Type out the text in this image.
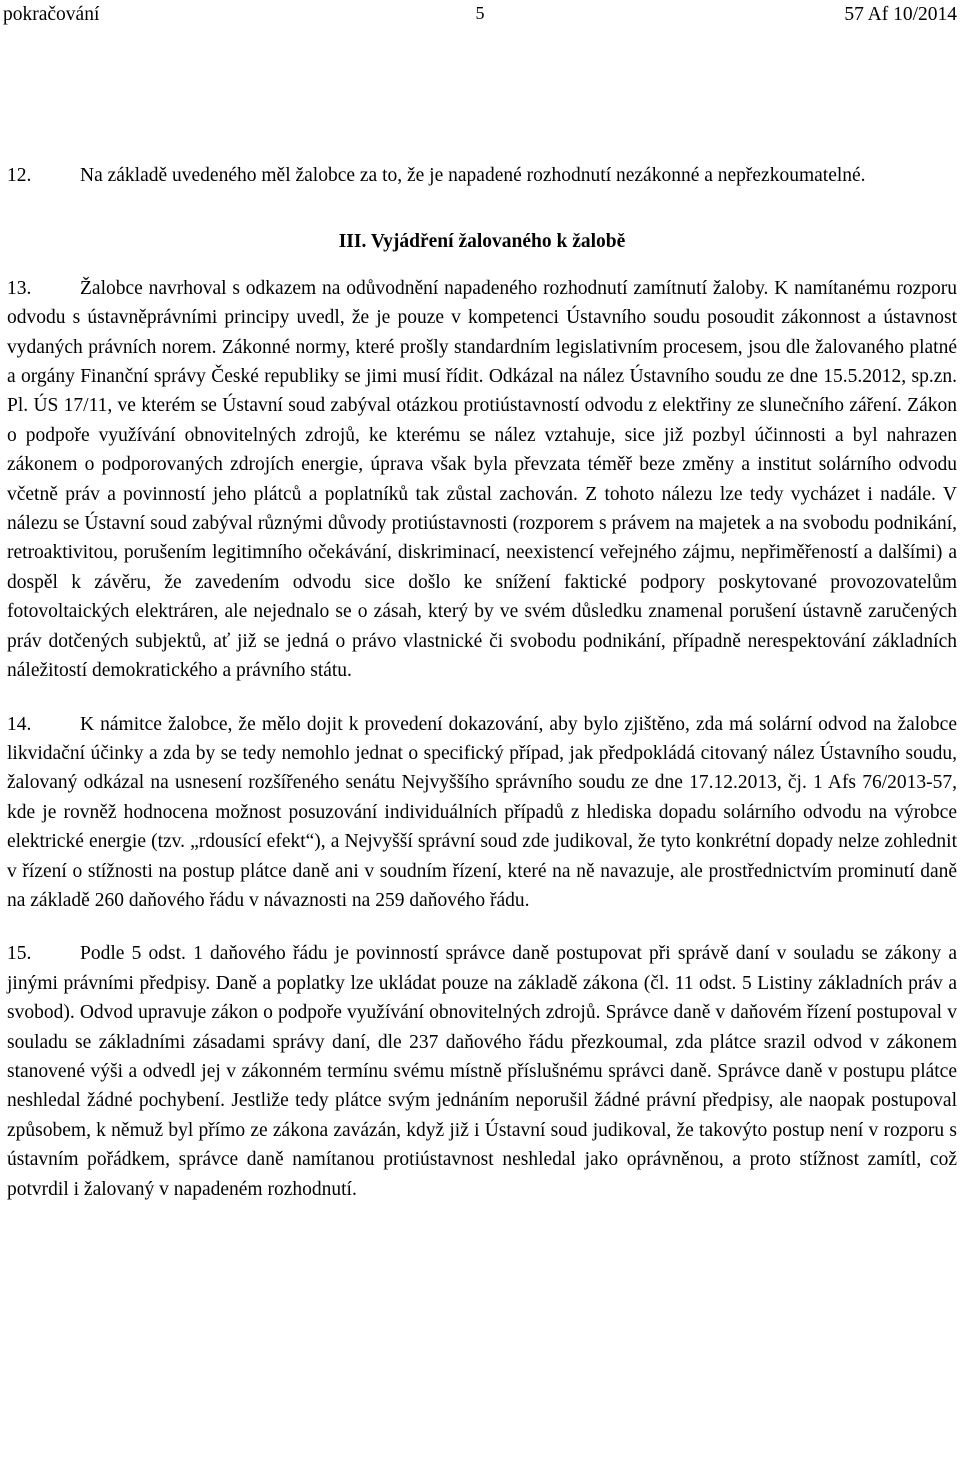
pokračování	5	57 Af 10/2014

12. Na základě uvedeného měl žalobce za to, že je napadené rozhodnutí nezákonné a nepřezkoumatelné.

III. Vyjádření žalovaného k žalobě

13. Žalobce navrhoval s odkazem na odůvodnění napadeného rozhodnutí zamítnutí žaloby. K namítanému rozporu odvodu s ústavněprávními principy uvedl, že je pouze v kompetenci Ústavního soudu posoudit zákonnost a ústavnost vydaných právních norem. Zákonné normy, které prošly standardním legislativním procesem, jsou dle žalovaného platné a orgány Finanční správy České republiky se jimi musí řídit. Odkázal na nález Ústavního soudu ze dne 15.5.2012, sp.zn. Pl. ÚS 17/11, ve kterém se Ústavní soud zabýval otázkou protiústavností odvodu z elektřiny ze slunečního záření. Zákon o podpoře využívání obnovitelných zdrojů, ke kterému se nález vztahuje, sice již pozbyl účinnosti a byl nahrazen zákonem o podporovaných zdrojích energie, úprava však byla převzata téměř beze změny a institut solárního odvodu včetně práv a povinností jeho plátců a poplatníků tak zůstal zachován. Z tohoto nálezu lze tedy vycházet i nadále. V nálezu se Ústavní soud zabýval různými důvody protiústavnosti (rozporem s právem na majetek a na svobodu podnikání, retroaktivitou, porušením legitimního očekávání, diskriminací, neexistencí veřejného zájmu, nepřiměřeností a dalšími) a dospěl k závěru, že zavedením odvodu sice došlo ke snížení faktické podpory poskytované provozovatelům fotovoltaických elektráren, ale nejednalo se o zásah, který by ve svém důsledku znamenal porušení ústavně zaručených práv dotčených subjektů, ať již se jedná o právo vlastnické či svobodu podnikání, případně nerespektování základních náležitostí demokratického a právního státu.

14. K námitce žalobce, že mělo dojit k provedení dokazování, aby bylo zjištěno, zda má solární odvod na žalobce likvidační účinky a zda by se tedy nemohlo jednat o specifický případ, jak předpokládá citovaný nález Ústavního soudu, žalovaný odkázal na usnesení rozšířeného senátu Nejvyššího správního soudu ze dne 17.12.2013, čj. 1 Afs 76/2013-57, kde je rovněž hodnocena možnost posuzování individuálních případů z hlediska dopadu solárního odvodu na výrobce elektrické energie (tzv. „rdousící efekt“), a Nejvyšší správní soud zde judikoval, že tyto konkrétní dopady nelze zohlednit v řízení o stížnosti na postup plátce daně ani v soudním řízení, které na ně navazuje, ale prostřednictvím prominutí daně na základě 260 daňového řádu v návaznosti na 259 daňového řádu.

15. Podle 5 odst. 1 daňového řádu je povinností správce daně postupovat při správě daní v souladu se zákony a jinými právními předpisy. Daně a poplatky lze ukládat pouze na základě zákona (čl. 11 odst. 5 Listiny základních práv a svobod). Odvod upravuje zákon o podpoře využívání obnovitelných zdrojů. Správce daně v daňovém řízení postupoval v souladu se základními zásadami správy daní, dle 237 daňového řádu přezkoumal, zda plátce srazil odvod v zákonem stanovené výši a odvedl jej v zákonném termínu svému místně příslušnému správci daně. Správce daně v postupu plátce neshledal žádné pochybení. Jestliže tedy plátce svým jednáním neporušil žádné právní předpisy, ale naopak postupoval způsobem, k němuž byl přímo ze zákona zavázán, když již i Ústavní soud judikoval, že takovýto postup není v rozporu s ústavním pořádkem, správce daně namítanou protiústavnost neshledal jako oprávněnou, a proto stížnost zamítl, což potvrdil i žalovaný v napadeném rozhodnutí.
